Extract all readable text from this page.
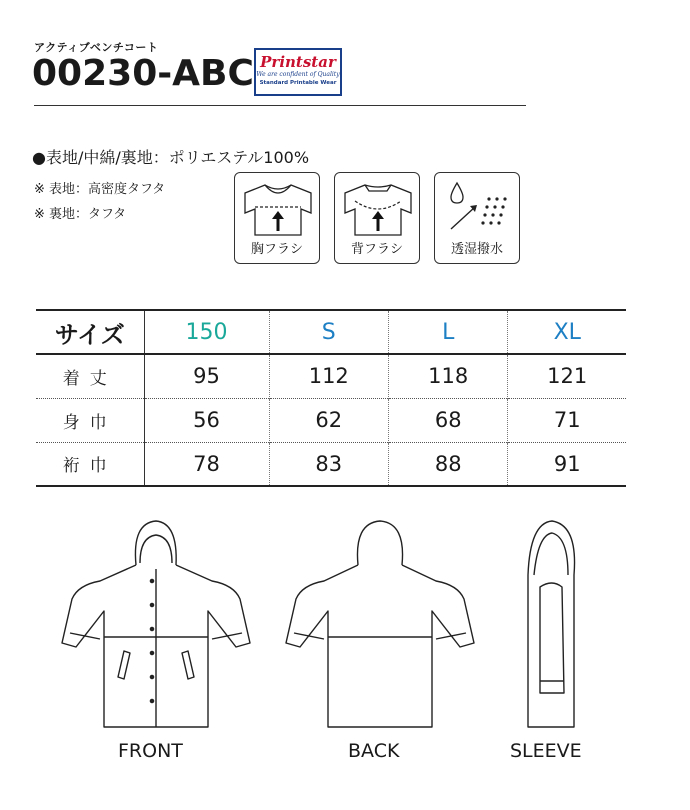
アクティブベンチコート
00230-ABC Printstar
We are confident of Quality
Standard Printable Wear
●表地/中綿/裏地：ポリエステル100%
※ 表地：高密度タフタ
※ 裏地：タフタ
胸フラシ	背フラシ	透湿撥水
サイズ	150	S	L	XL
着丈	95	112	118	121
身巾	56	62	68	71
裄巾	78	83	88	91
FRONT	BACK	SLEEVE
